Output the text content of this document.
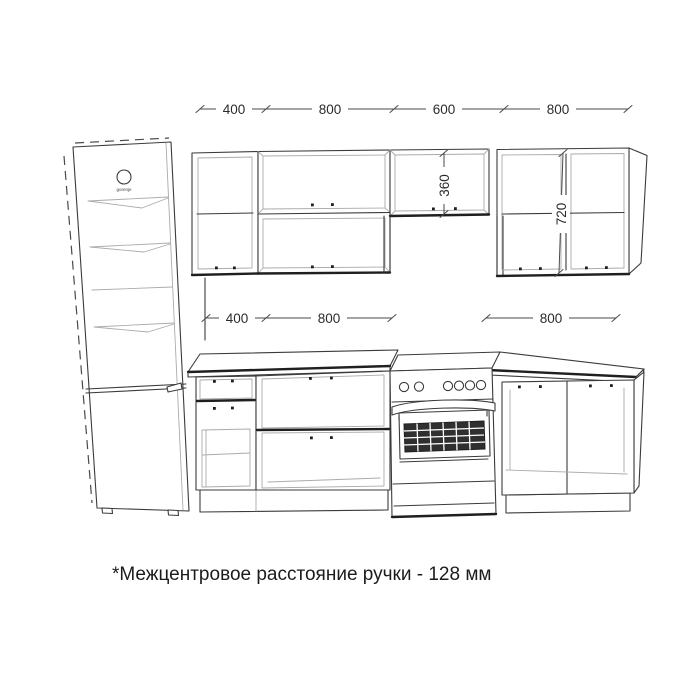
gorenje
400	800	600	800
400	800	800
360
720
*Межцентровое расстояние ручки - 128 мм
